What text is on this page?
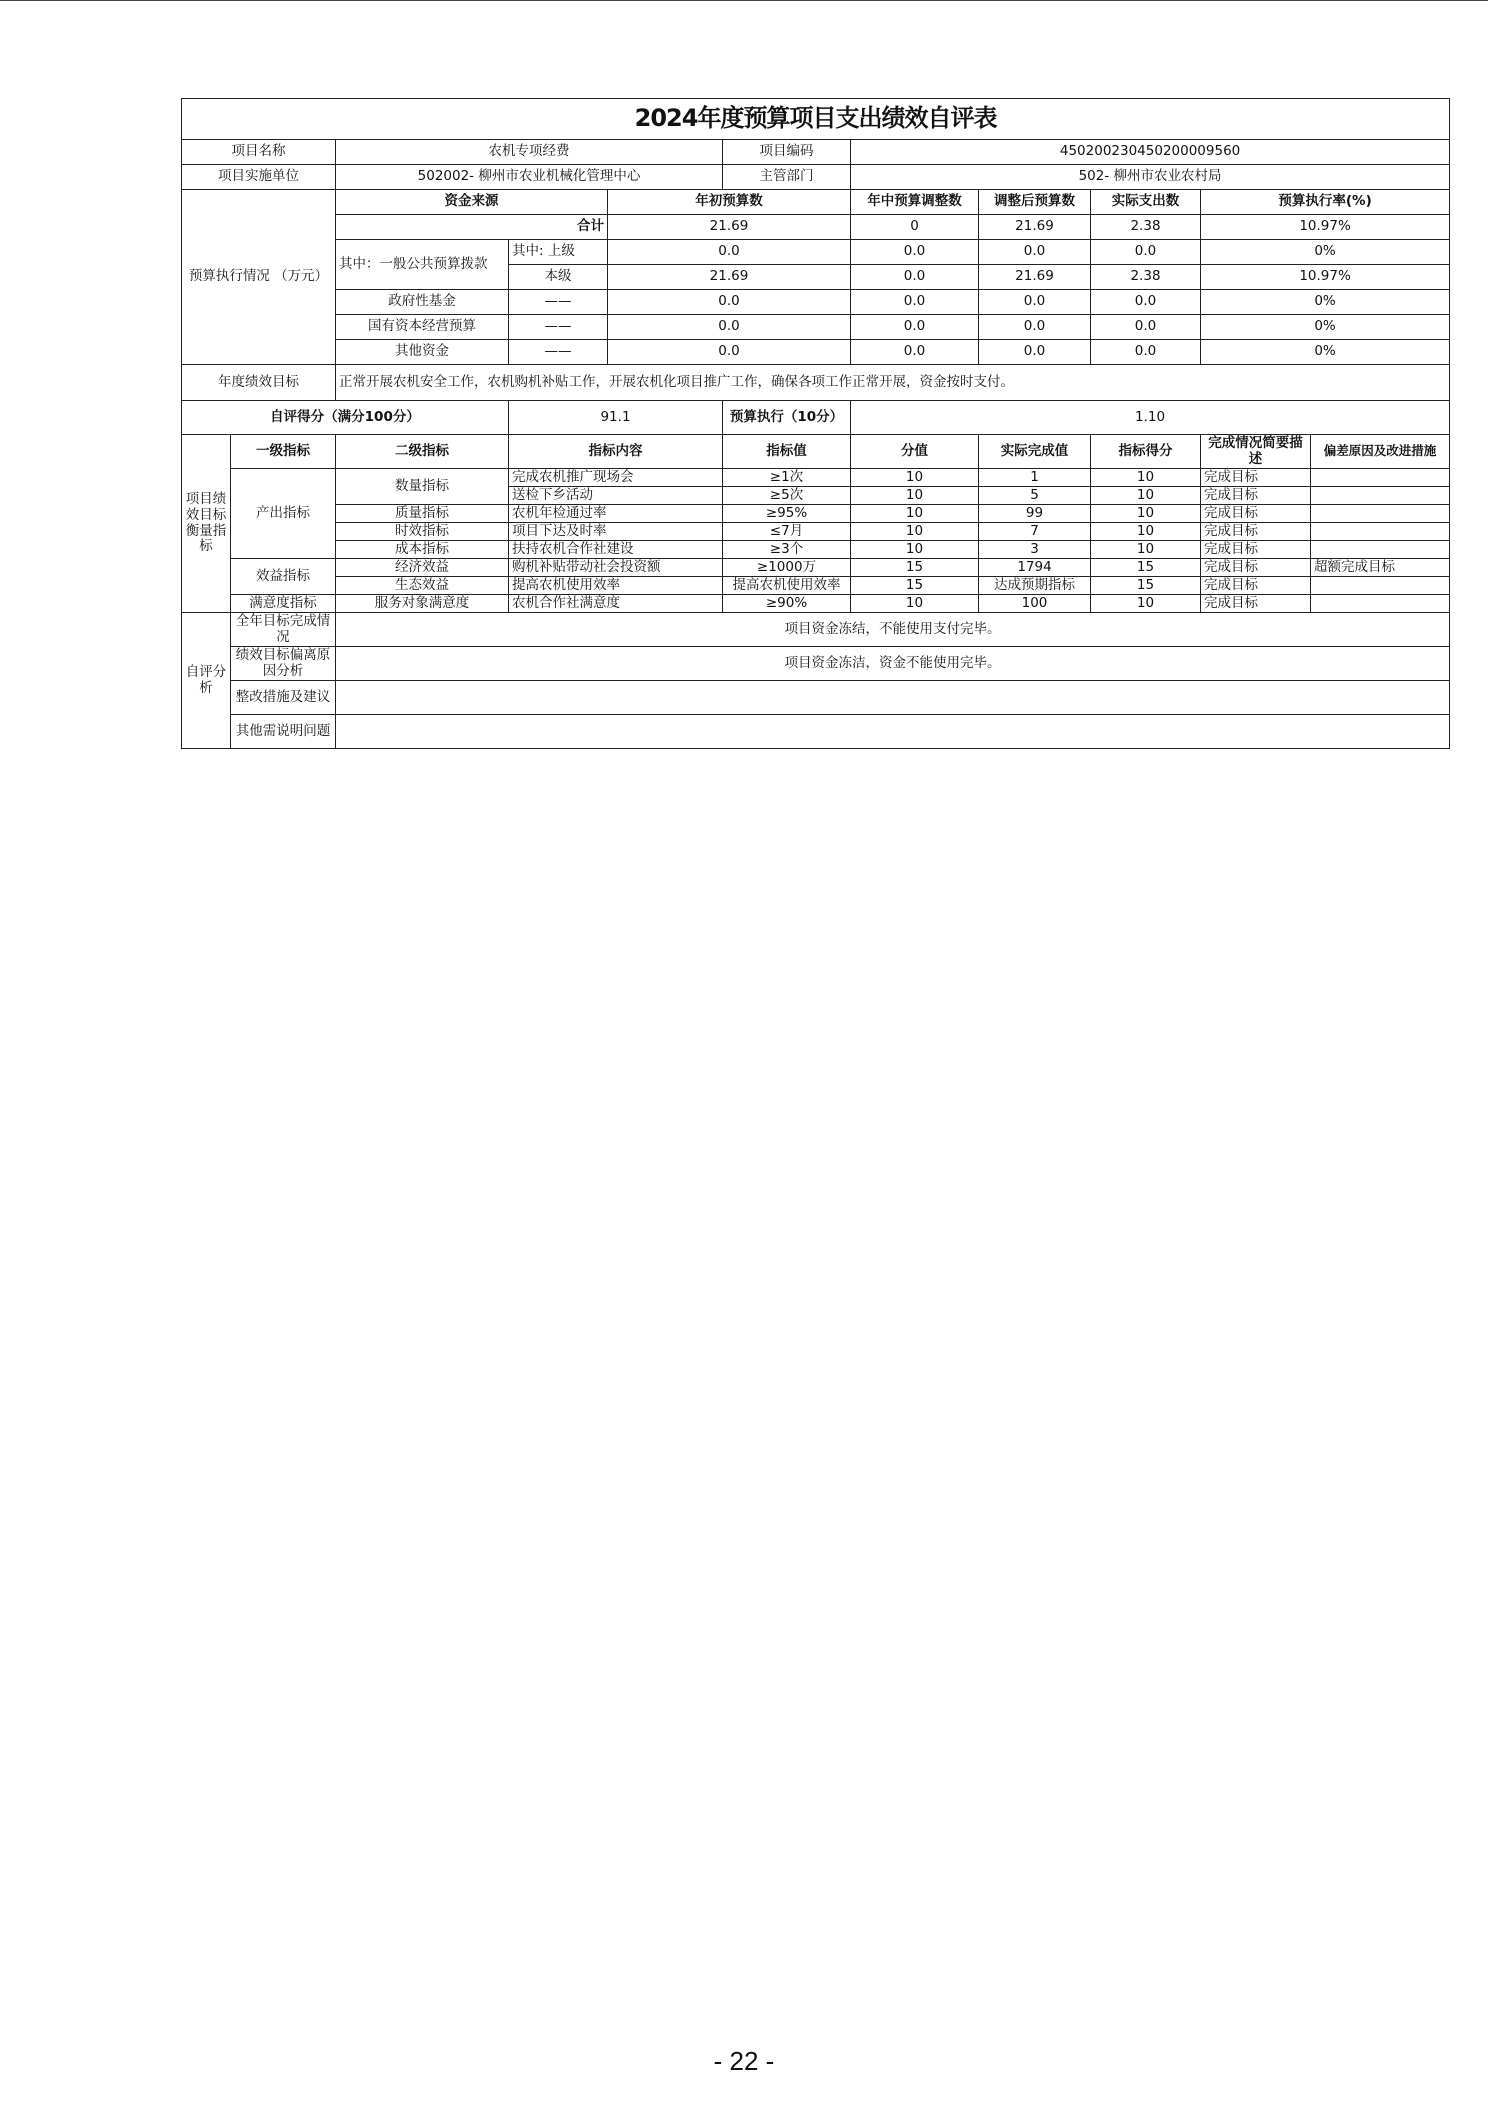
2024年度预算项目支出绩效自评表										
项目名称		农机专项经费			项目编码	450200230450200009560				
项目实施单位		502002- 柳州市农业机械化管理中心			主管部门	502- 柳州市农业农村局				
预算执行情况 （万元）		资金来源		年初预算数		年中预算调整数	调整后预算数	实际支出数	预算执行率(%)	
		合计		21.69		0	21.69	2.38	10.97%	
		其中：一般公共预算拨款	其中: 上级	0.0		0.0	0.0	0.0	0%	
			本级	21.69		0.0	21.69	2.38	10.97%	
		政府性基金	——	0.0		0.0	0.0	0.0	0%	
		国有资本经营预算	——	0.0		0.0	0.0	0.0	0%	
		其他资金	——	0.0		0.0	0.0	0.0	0%	
年度绩效目标		正常开展农机安全工作，农机购机补贴工作，开展农机化项目推广工作，确保各项工作正常开展，资金按时支付。								
自评得分（满分100分）			91.1		预算执行（10分）	1.10				
项目绩效目标衡量指标	一级指标	二级指标	指标内容		指标值	分值	实际完成值	指标得分	完成情况简要描述	偏差原因及改进措施
	产出指标	数量指标	完成农机推广现场会		≥1次	10	1	10	完成目标	
			送检下乡活动		≥5次	10	5	10	完成目标	
		质量指标	农机年检通过率		≥95%	10	99	10	完成目标	
		时效指标	项目下达及时率		≤7月	10	7	10	完成目标	
		成本指标	扶持农机合作社建设		≥3个	10	3	10	完成目标	
	效益指标	经济效益	购机补贴带动社会投资额		≥1000万	15	1794	15	完成目标	超额完成目标
		生态效益	提高农机使用效率		提高农机使用效率	15	达成预期指标	15	完成目标	
	满意度指标	服务对象满意度	农机合作社满意度		≥90%	10	100	10	完成目标	
自评分析	全年目标完成情况	项目资金冻结，不能使用支付完毕。								
	绩效目标偏离原因分析	项目资金冻洁，资金不能使用完毕。								
	整改措施及建议									
	其他需说明问题									
- 22 -
